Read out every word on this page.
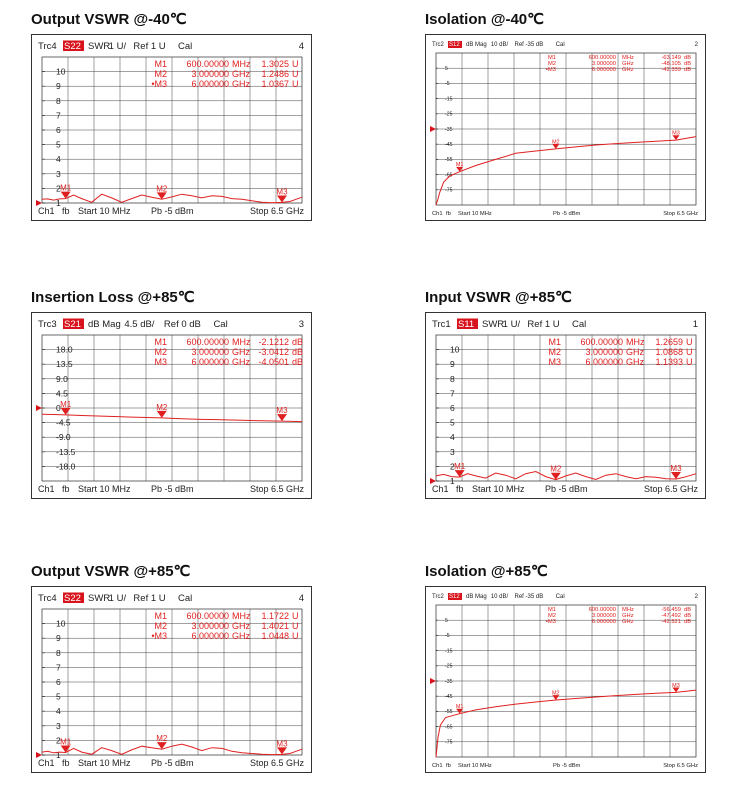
Output VSWR @-40℃
Trc4 S22 SWR
1 U/ Ref 1 U Cal	4
10
9
8
7
6
5
4
3
2
1
M1 600.00000 MHz 1.3025 U
M2	3.000000 GHz 1.2486 U
•M3	6.000000 GHz 1.0367 U
M1	M2	M3
Ch1 fb Start 10 MHz Pb -5 dBm	Stop 6.5 GHz
Isolation @-40℃
Trc2 S12 dB Mag 10 dB/ Ref -35 dB Cal	2
5
-5
-15
-25
-35
-45
-55
-65
-75
M1	600.00000 MHz	-63.149 dB
M2	3.000000 GHz	-48.105 dB
•M3	6.000000 GHz	-42.339 dB
M1
M2
M3
Ch1 fb Start 10 MHz	Pb -5 dBm	Stop 6.5 GHz
Insertion Loss @+85℃
Trc3 S21 dB Mag 4.5 dB/ Ref 0 dB Cal	3
18.0
13.5
9.0
4.5
0
-4.5
-9.0
-13.5
-18.0
M1 600.00000 MHz -2.1212 dB
M2	3.000000 GHz -3.0412 dB
M3	6.000000 GHz -4.0501 dB
M1	M2	M3
Ch1 fb Start 10 MHz Pb -5 dBm	Stop 6.5 GHz
Input VSWR @+85℃
Trc1 S11 SWR
1 U/ Ref 1 U Cal	1
10
9
8
7
6
5
4
3
2
1
M1 600.00000 MHz 1.2659 U
M2	3.000000 GHz 1.0868 U
M3	6.000000 GHz 1.1393 U
M1	M2	M3
Ch1 fb Start 10 MHz Pb -5 dBm	Stop 6.5 GHz
Output VSWR @+85℃
Trc4 S22 SWR
1 U/ Ref 1 U Cal	4
10
9
8
7
6
5
4
3
2
1
M1 600.00000 MHz 1.1722 U
M2	3.000000 GHz 1.4021 U
•M3	6.000000 GHz 1.0448 U
M1	M2
M3
Ch1 fb Start 10 MHz Pb -5 dBm	Stop 6.5 GHz
Isolation @+85℃
Trc2 S12 dB Mag 10 dB/ Ref -35 dB Cal	2
5
-5
-15
-25
-35
-45
-55
-65
-75
M1	600.00000 MHz	-56.459 dB
M2	3.000000 GHz	-47.492 dB
•M3	6.000000 GHz	-42.521 dB
M1
M2
M3
Ch1 fb Start 10 MHz	Pb -5 dBm	Stop 6.5 GHz
